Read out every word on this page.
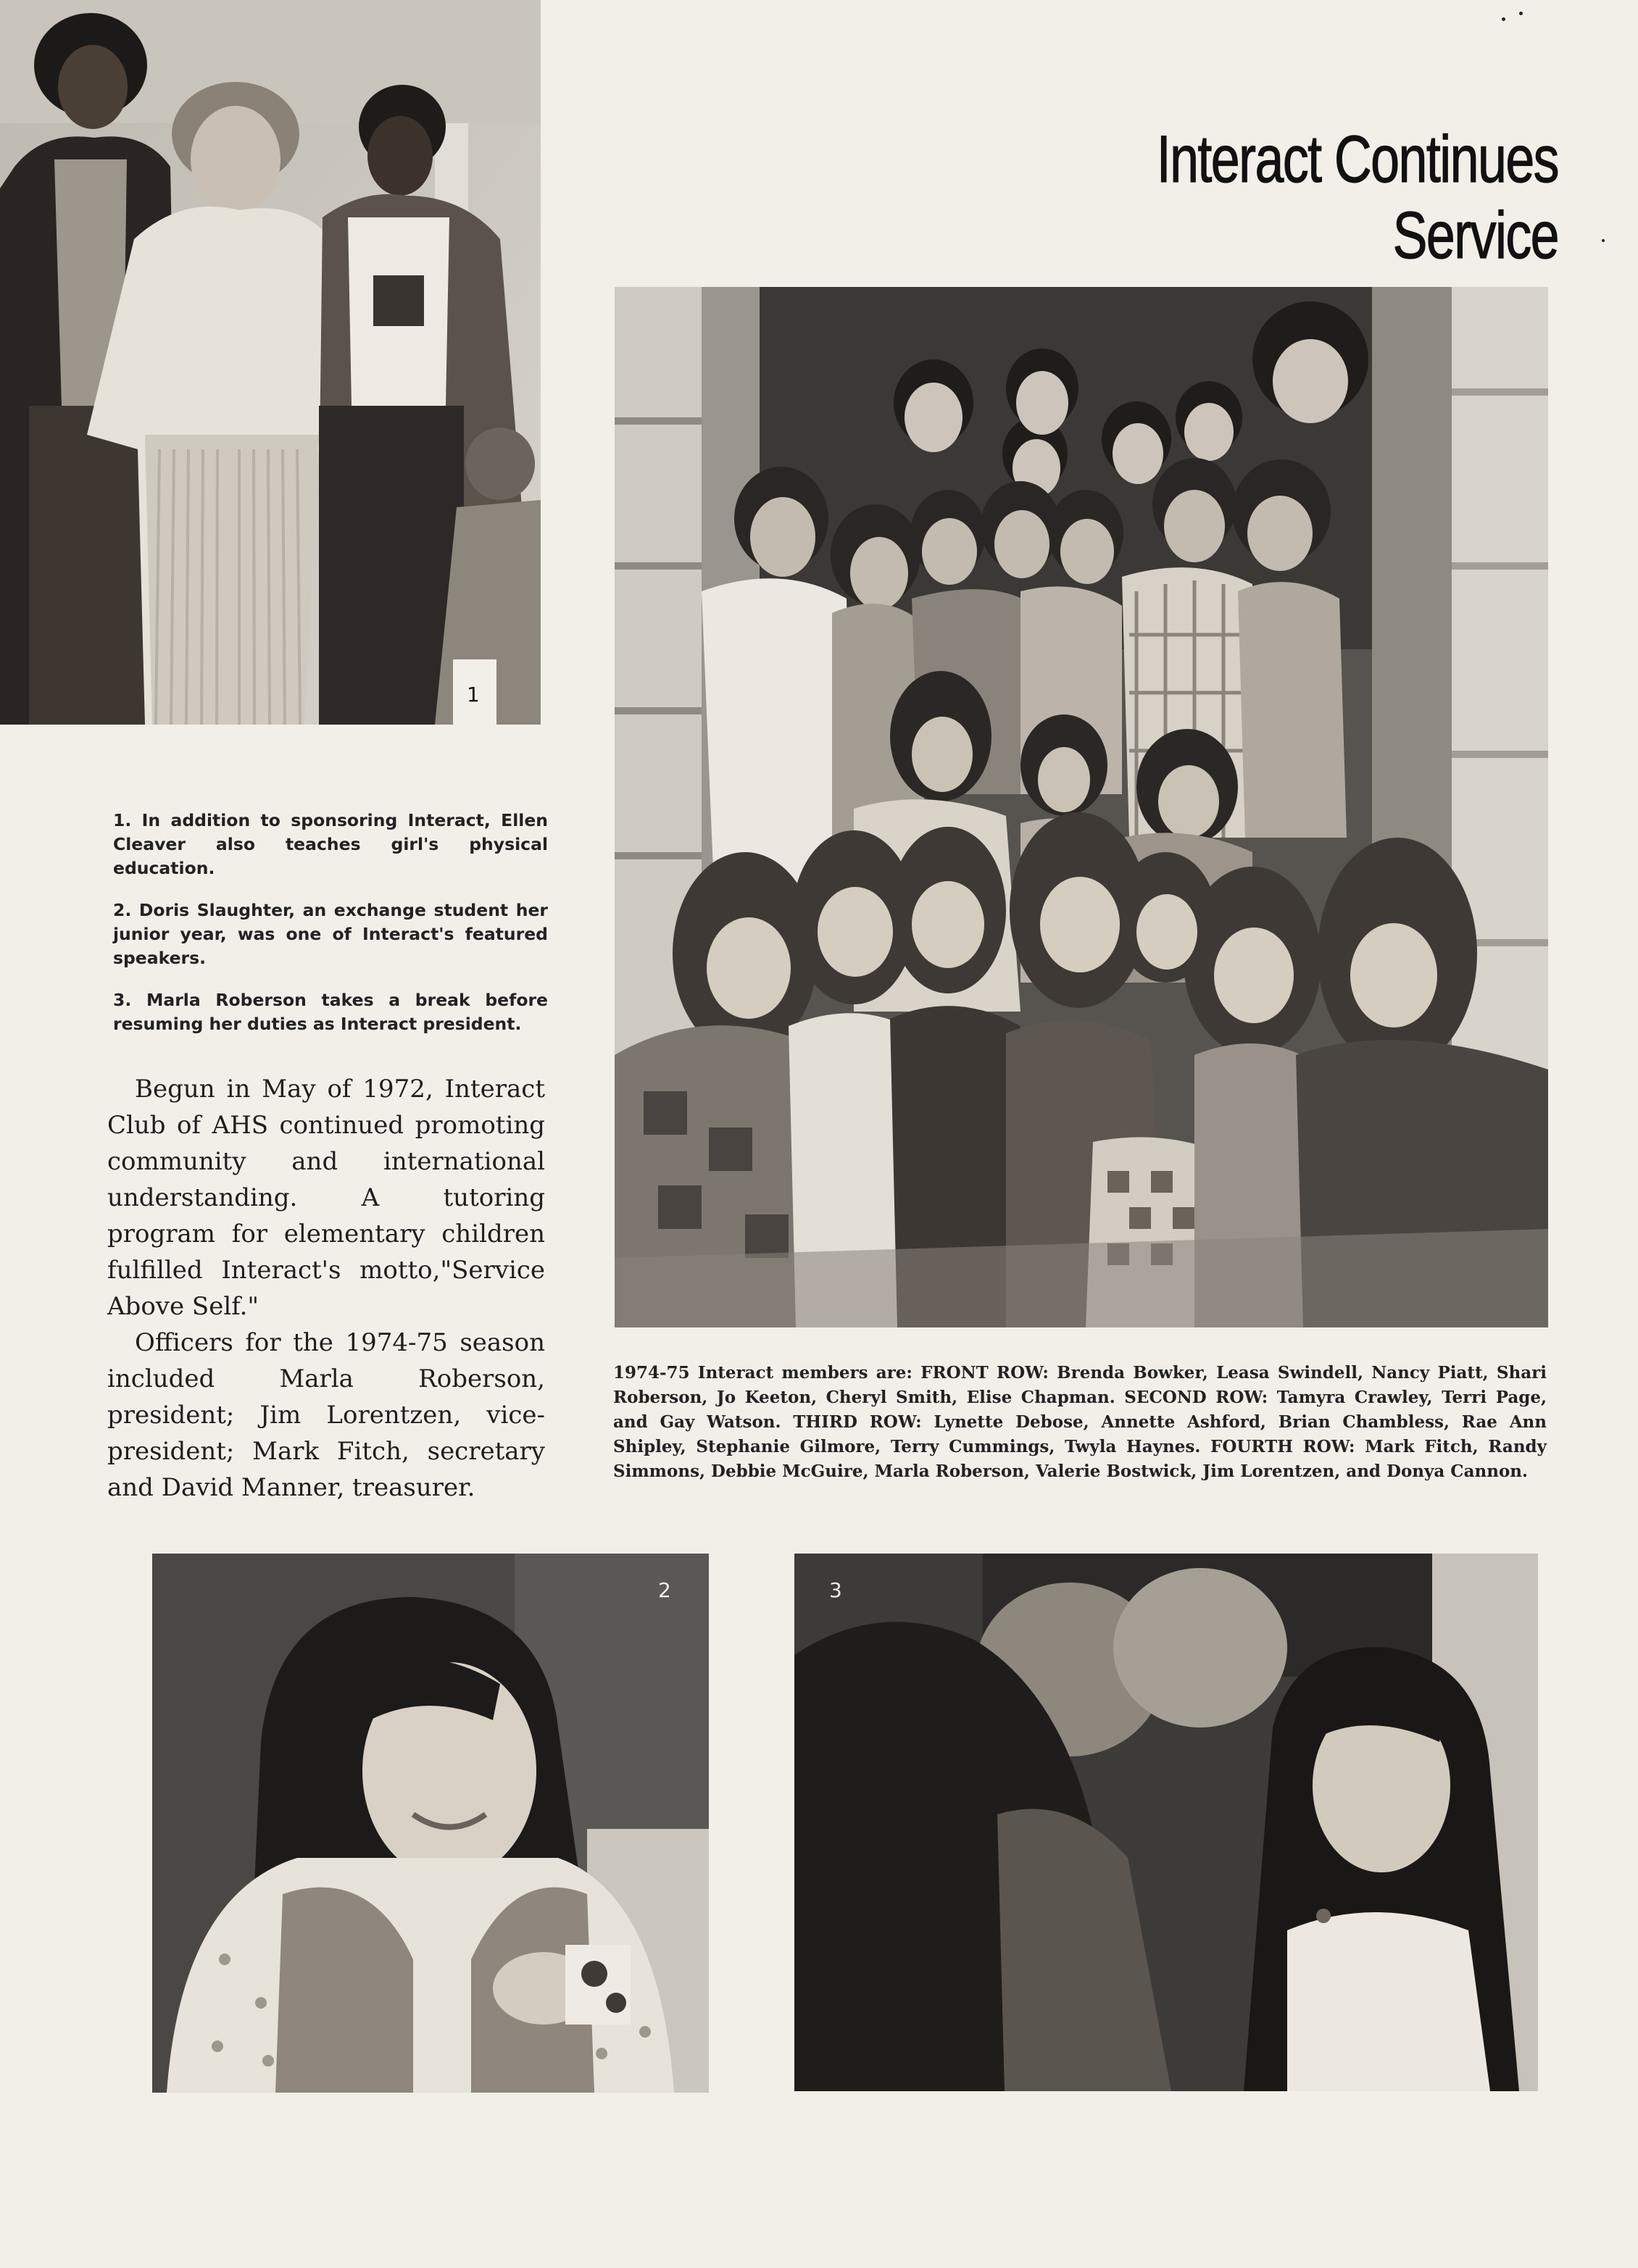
1
Interact Continues Service

1. In addition to sponsoring Interact, Ellen Cleaver also teaches girl's physical education.

2. Doris Slaughter, an exchange student her junior year, was one of Interact's featured speakers.

3. Marla Roberson takes a break before resuming her duties as Interact president.

Begun in May of 1972, Interact Club of AHS continued promoting community and international understanding. A tutoring program for elementary children fulfilled Interact's motto,"Service Above Self."

Officers for the 1974-75 season included Marla Roberson, president; Jim Lorentzen, vice-president; Mark Fitch, secretary and David Manner, treasurer.

1974-75 Interact members are: FRONT ROW: Brenda Bowker, Leasa Swindell, Nancy Piatt, Shari Roberson, Jo Keeton, Cheryl Smith, Elise Chapman. SECOND ROW: Tamyra Crawley, Terri Page, and Gay Watson. THIRD ROW: Lynette Debose, Annette Ashford, Brian Chambless, Rae Ann Shipley, Stephanie Gilmore, Terry Cummings, Twyla Haynes. FOURTH ROW: Mark Fitch, Randy Simmons, Debbie McGuire, Marla Roberson, Valerie Bostwick, Jim Lorentzen, and Donya Cannon.
2	3
